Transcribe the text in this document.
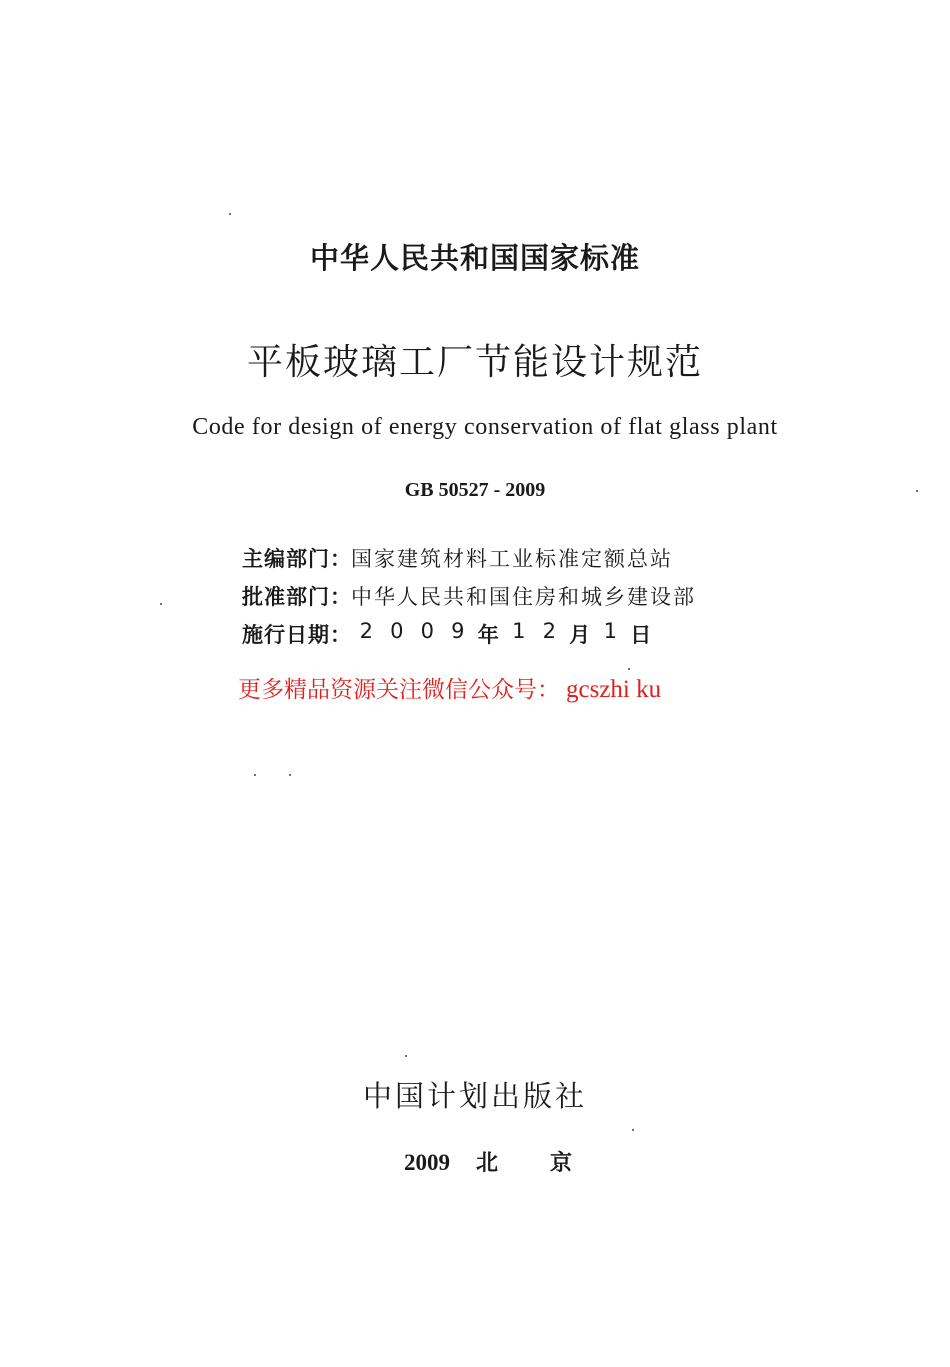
中华人民共和国国家标准
平板玻璃工厂节能设计规范
Code for design of energy conservation of flat glass plant
GB 50527 - 2009
主编部门 ： 国家建筑材料工业标准定额总站
批准部门 ： 中华人民共和国住房和城乡建设部
施行日期 ： 2 0 0 9 年 1 2 月 1 日
更多精品资源关注微信公众号： gcszhi ku
中国计划出版社
2009 北京
